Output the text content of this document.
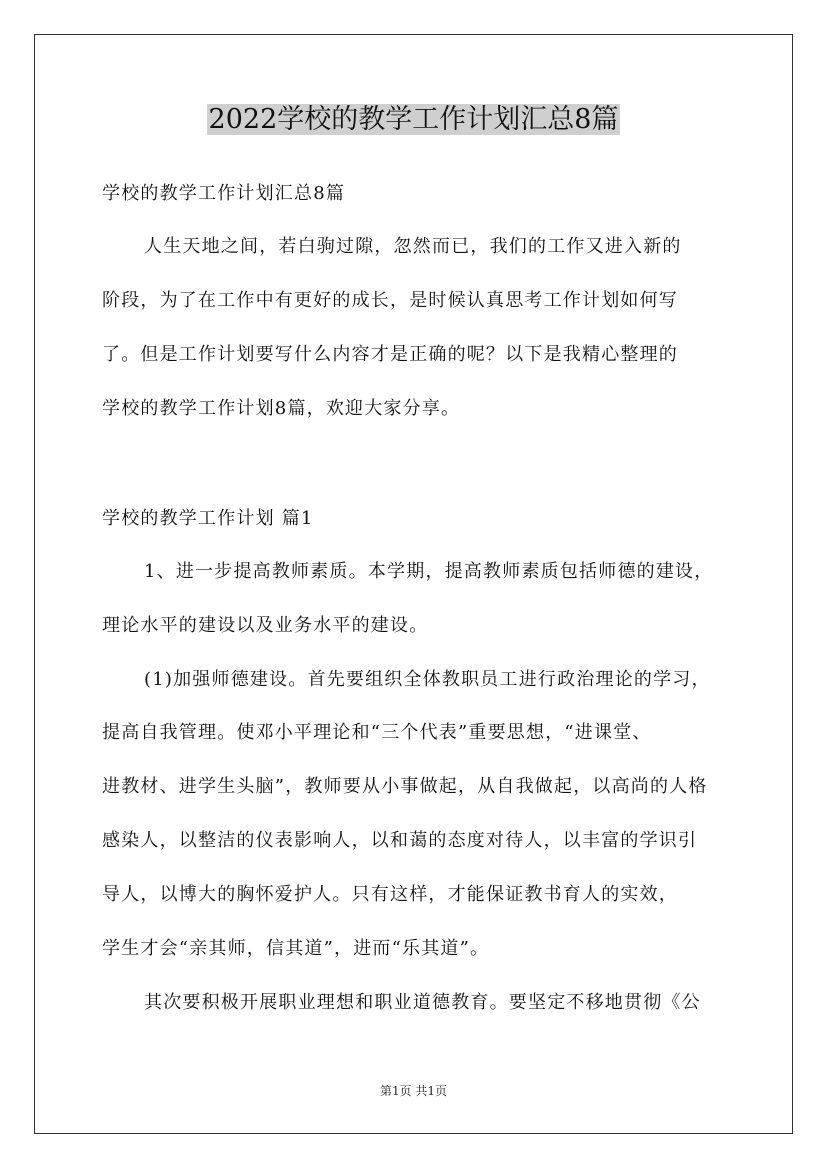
2022学校的教学工作计划汇总8篇
学校的教学工作计划汇总8篇
人生天地之间，若白驹过隙，忽然而已，我们的工作又进入新的
阶段，为了在工作中有更好的成长，是时候认真思考工作计划如何写
了。但是工作计划要写什么内容才是正确的呢？以下是我精心整理的
学校的教学工作计划8篇，欢迎大家分享。
学校的教学工作计划 篇1
1、进一步提高教师素质。本学期，提高教师素质包括师德的建设，
理论水平的建设以及业务水平的建设。
(1)加强师德建设。首先要组织全体教职员工进行政治理论的学习，
提高自我管理。使邓小平理论和“三个代表”重要思想，“进课堂、
进教材、进学生头脑”，教师要从小事做起，从自我做起，以高尚的人格
感染人，以整洁的仪表影响人，以和蔼的态度对待人，以丰富的学识引
导人，以博大的胸怀爱护人。只有这样，才能保证教书育人的实效，
学生才会“亲其师，信其道”，进而“乐其道”。
其次要积极开展职业理想和职业道德教育。要坚定不移地贯彻《公
第1页 共1页
